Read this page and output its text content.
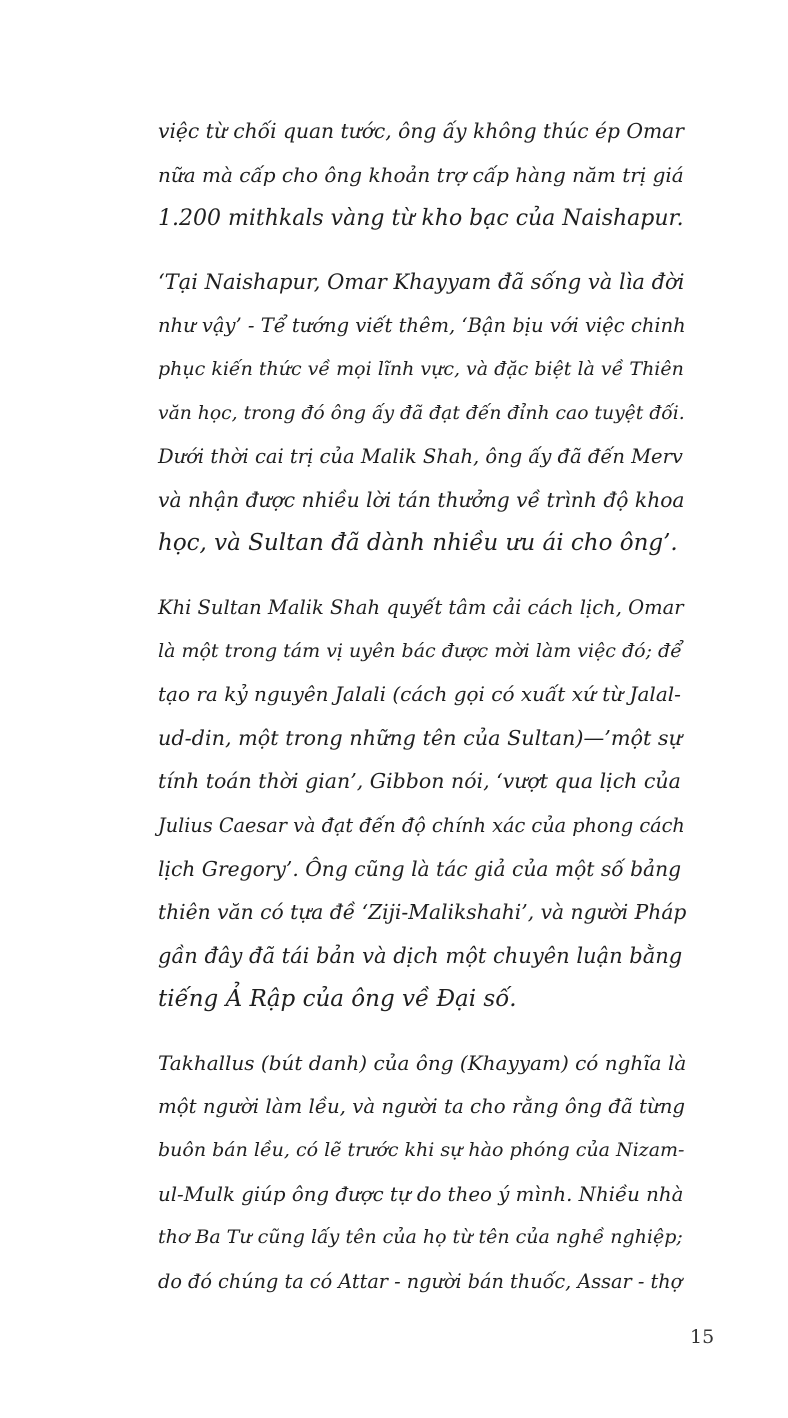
việc từ chối quan tước, ông ấy không thúc ép Omar
nữa mà cấp cho ông khoản trợ cấp hàng năm trị giá
1.200 mithkals vàng từ kho bạc của Naishapur.

‘Tại Naishapur, Omar Khayyam đã sống và lìa đời
như vậy’ - Tể tướng viết thêm, ‘Bận bịu với việc chinh
phục kiến thức về mọi lĩnh vực, và đặc biệt là về Thiên
văn học, trong đó ông ấy đã đạt đến đỉnh cao tuyệt đối.
Dưới thời cai trị của Malik Shah, ông ấy đã đến Merv
và nhận được nhiều lời tán thưởng về trình độ khoa
học, và Sultan đã dành nhiều ưu ái cho ông’.

Khi Sultan Malik Shah quyết tâm cải cách lịch, Omar
là một trong tám vị uyên bác được mời làm việc đó; để
tạo ra kỷ nguyên Jalali (cách gọi có xuất xứ từ Jalal-
ud-din, một trong những tên của Sultan)—’một sự
tính toán thời gian’, Gibbon nói, ‘vượt qua lịch của
Julius Caesar và đạt đến độ chính xác của phong cách
lịch Gregory’. Ông cũng là tác giả của một số bảng
thiên văn có tựa đề ‘Ziji-Malikshahi’, và người Pháp
gần đây đã tái bản và dịch một chuyên luận bằng
tiếng Ả Rập của ông về Đại số.

Takhallus (bút danh) của ông (Khayyam) có nghĩa là
một người làm lều, và người ta cho rằng ông đã từng
buôn bán lều, có lẽ trước khi sự hào phóng của Nizam-
ul-Mulk giúp ông được tự do theo ý mình. Nhiều nhà
thơ Ba Tư cũng lấy tên của họ từ tên của nghề nghiệp;
do đó chúng ta có Attar - người bán thuốc, Assar - thợ

15
